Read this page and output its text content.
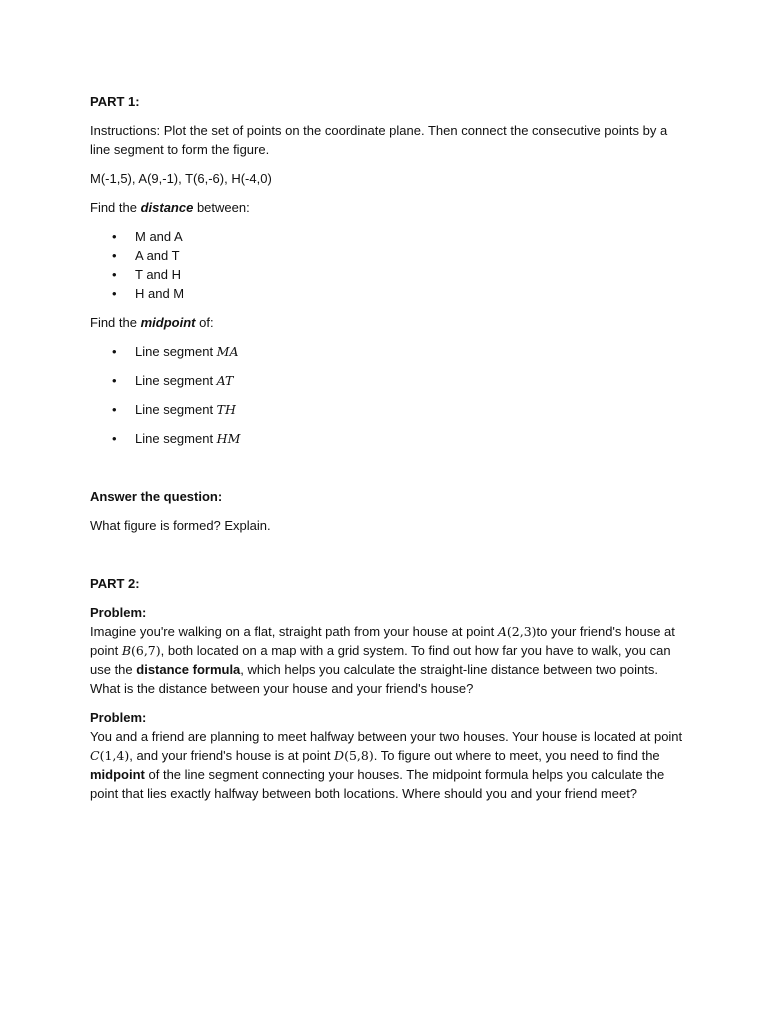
PART 1:

Instructions: Plot the set of points on the coordinate plane. Then connect the consecutive points by a line segment to form the figure.

M(-1,5), A(9,-1), T(6,-6), H(-4,0)

Find the distance between:

• M and A
• A and T
• T and H
• H and M

Find the midpoint of:

• Line segment MA
• Line segment AT
• Line segment TH
• Line segment HM

Answer the question:

What figure is formed? Explain.

PART 2:

Problem:

Imagine you're walking on a flat, straight path from your house at point A(2,3)to your friend's house at point B(6,7), both located on a map with a grid system. To find out how far you have to walk, you can use the distance formula, which helps you calculate the straight-line distance between two points. What is the distance between your house and your friend's house?

Problem:

You and a friend are planning to meet halfway between your two houses. Your house is located at point C(1,4), and your friend's house is at point D(5,8). To figure out where to meet, you need to find the midpoint of the line segment connecting your houses. The midpoint formula helps you calculate the point that lies exactly halfway between both locations. Where should you and your friend meet?
